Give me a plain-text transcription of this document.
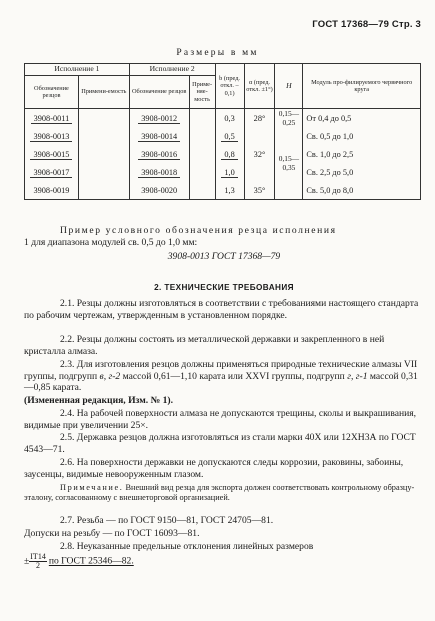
ГОСТ 17368—79 Стр. 3
Размеры в мм
Исполнение 1		Исполнение 2		b (пред. откл. –0,1)	α (пред. откл. ±1°)	H	Модуль про-филируемого червячного круга
Обозначение резцов	Примени-емость	Обозначение резцов	Приме-няе-мость				
3908-0011		3908-0012		0,3	28°	0,15—0,25	От 0,4 до 0,5
3908-0013		3908-0014		0,5	32°	0,15—0,35	Св. 0,5 до 1,0
3908-0015		3908-0016		0,8			Св. 1,0 до 2,5
3908-0017		3908-0018		1,0			Св. 2,5 до 5,0
3908-0019		3908-0020		1,3	35°		Св. 5,0 до 8,0
Пример условного обозначения резца исполнения
1 для диапазона модулей св. 0,5 до 1,0 мм:
3908-0013 ГОСТ 17368—79
2. ТЕХНИЧЕСКИЕ ТРЕБОВАНИЯ
2.1. Резцы должны изготовляться в соответствии с требованиями настоящего стандарта по рабочим чертежам, утвержденным в установленном порядке.
2.2. Резцы должны состоять из металлической державки и закрепленного в ней кристалла алмаза.
2.3. Для изготовления резцов должны применяться природные технические алмазы VII группы, подгрупп в, г-2 массой 0,61—1,10 карата или XXVI группы, подгрупп г, г-1 массой 0,31—0,85 карата.
(Измененная редакция, Изм. № 1).
2.4. На рабочей поверхности алмаза не допускаются трещины, сколы и выкрашивания, видимые при увеличении 25×.
2.5. Державка резцов должна изготовляться из стали марки 40Х или 12ХН3А по ГОСТ 4543—71.
2.6. На поверхности державки не допускаются следы коррозии, раковины, забоины, заусенцы, видимые невооруженным глазом.
Примечание. Внешний вид резца для экспорта должен соответствовать контрольному образцу-эталону, согласованному с внешнеторговой организацией.
2.7. Резьба — по ГОСТ 9150—81, ГОСТ 24705—81.
Допуски на резьбу — по ГОСТ 16093—81.
2.8. Неуказанные предельные отклонения линейных размеров
± $\frac{IT14}{2}$ по ГОСТ 25346—82.
